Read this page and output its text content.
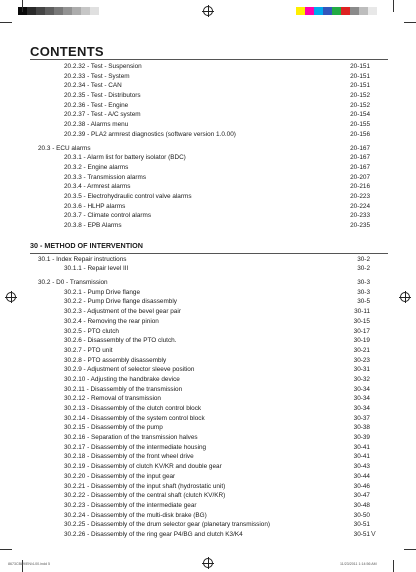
CONTENTS
20.2.32 - Test - Suspension	20-151
20.2.33 - Test - System	20-151
20.2.34 - Test - CAN	20-151
20.2.35 - Test - Distributors	20-152
20.2.36 - Test - Engine	20-152
20.2.37 - Test - A/C system	20-154
20.2.38 - Alarms menu	20-155
20.2.39 - PLA2 armrest diagnostics (software version 1.0.00)	20-156
20.3 - ECU alarms	20-167
20.3.1 - Alarm list for battery isolator (BDC)	20-167
20.3.2 - Engine alarms	20-167
20.3.3 - Transmission alarms	20-207
20.3.4 - Armrest alarms	20-216
20.3.5 - Electrohydraulic control valve alarms	20-223
20.3.6 - HLHP alarms	20-224
20.3.7 - Climate control alarms	20-233
20.3.8 - EPB Alarms	20-235
30 - METHOD OF INTERVENTION
30.1 - Index Repair instructions	30-2
30.1.1 - Repair level III	30-2
30.2 - D0 - Transmission	30-3
30.2.1 - Pump Drive flange	30-3
30.2.2 - Pump Drive flange disassembly	30-5
30.2.3 - Adjustment of the bevel gear pair	30-11
30.2.4 - Removing the rear pinion	30-15
30.2.5 - PTO clutch	30-17
30.2.6 - Disassembly of the PTO clutch.	30-19
30.2.7 - PTO unit	30-21
30.2.8 - PTO assembly disassembly	30-23
30.2.9 - Adjustment of selector sleeve position	30-31
30.2.10 - Adjusting the handbrake device	30-32
30.2.11 - Disassembly of the transmission	30-34
30.2.12 - Removal of transmission	30-34
30.2.13 - Disassembly of the clutch control block	30-34
30.2.14 - Disassembly of the system control block	30-37
30.2.15 - Disassembly of the pump	30-38
30.2.16 - Separation of the transmission halves	30-39
30.2.17 - Disassembly of the intermediate housing	30-41
30.2.18 - Disassembly of the front wheel drive	30-41
30.2.19 - Disassembly of clutch KV/KR and double gear	30-43
30.2.20 - Disassembly of the input gear	30-44
30.2.21 - Disassembly of the input shaft (hydrostatic unit)	30-46
30.2.22 - Disassembly of the central shaft (clutch KV/KR)	30-47
30.2.23 - Disassembly of the intermediate gear	30-48
30.2.24 - Disassembly of the multi-disk brake (BG)	30-50
30.2.25 - Disassembly of the drum selector gear (planetary transmission)	30-51
30.2.26 - Disassembly of the ring gear P4/BG and clutch K3/K4	30-51 V
8673CB89/EN/4-00.indd 5	11/23/2011 1:14:56 AM
